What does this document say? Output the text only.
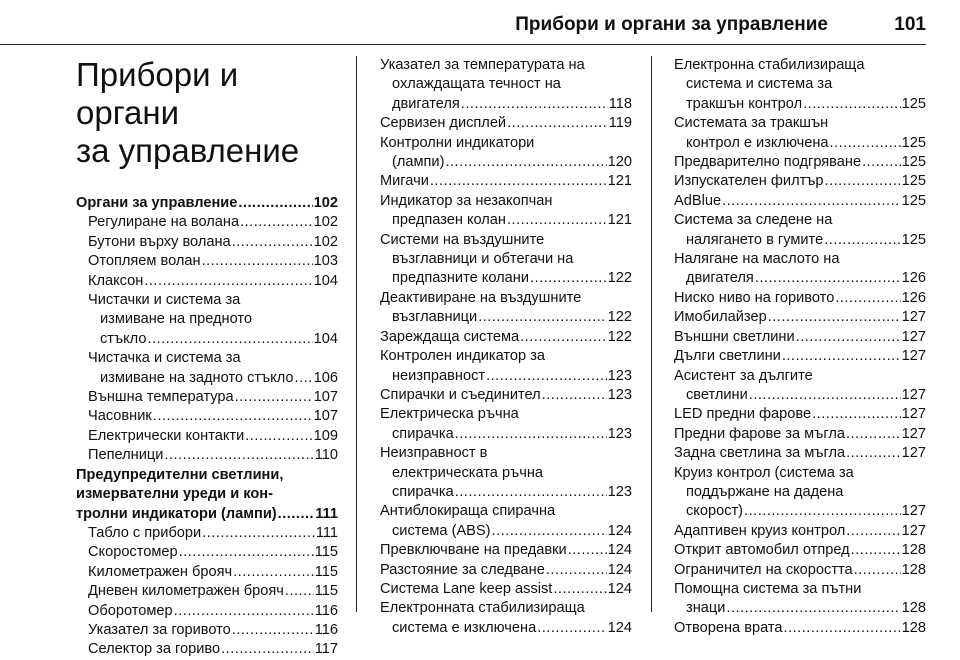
Прибори и органи за управление	101
Прибори и органи
за управление
Органи за управление .....	102
Регулиране на волана .....	102
Бутони върху волана .....	102
Отопляем волан .....	103
Клаксон .....	104
Чистачки и система за
измиване на предното
стъкло .....	104
Чистачка и система за
измиване на задното стъкло ..... 106
Външна температура .....	107
Часовник .....	107
Електрически контакти .....	109
Пепелници .....	110
Предупредителни светлини,
измервателни уреди и кон-
тролни индикатори (лампи) .....	111
Табло с прибори .....	111
Скоростомер .....	115
Километражен брояч .....	115
Дневен километражен брояч ..... 115
Оборотомер .....	116
Указател за горивото .....	116
Селектор за гориво .....	117
Указател за температурата на
охлаждащата течност на
двигателя .....	118
Сервизен дисплей .....	119
Контролни индикатори
(лампи) .....	120
Мигачи .....	121
Индикатор за незакопчан
предпазен колан .....	121
Системи на въздушните
възглавници и обтегачи на
предпазните колани .....	122
Деактивиране на въздушните
възглавници .....	122
Зареждаща система .....	122
Контролен индикатор за
неизправност .....	123
Спирачки и съединител .....	123
Електрическа ръчна
спирачка .....	123
Неизправност в
електрическата ръчна
спирачка .....	123
Антиблокираща спирачна
система (ABS) .....	124
Превключване на предавки .....	124
Разстояние за следване .....	124
Система Lane keep assist .....	124
Електронната стабилизираща
система е изключена .....	124
Електронна стабилизираща
система и система за
тракшън контрол .....	125
Системата за тракшън
контрол е изключена .....	125
Предварително подгряване .....	125
Изпускателен филтър .....	125
AdBlue .....	125
Система за следене на
налягането в гумите .....	125
Налягане на маслото на
двигателя .....	126
Ниско ниво на горивото .....	126
Имобилайзер .....	127
Външни светлини .....	127
Дълги светлини .....	127
Асистент за дългите
светлини .....	127
LED предни фарове .....	127
Предни фарове за мъгла .....	127
Задна светлина за мъгла .....	127
Круиз контрол (система за
поддържане на дадена
скорост) .....	127
Адаптивен круиз контрол .....	127
Открит автомобил отпред .....	128
Ограничител на скоростта .....	128
Помощна система за пътни
знаци .....	128
Отворена врата .....	128
